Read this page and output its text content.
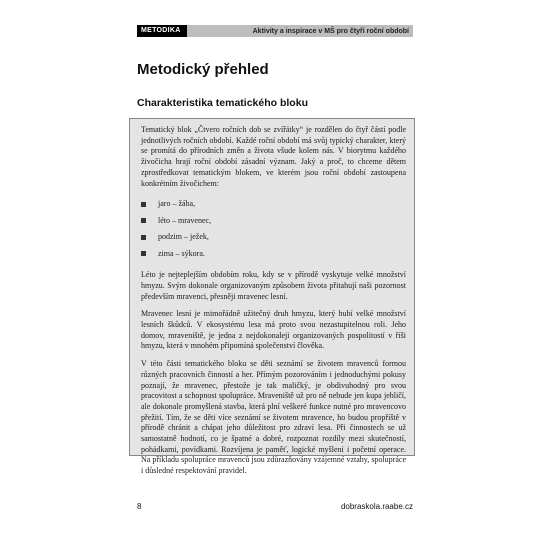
METODIKA	Aktivity a inspirace v MŠ pro čtyři roční období
Metodický přehled
Charakteristika tematického bloku

Tematický blok „Čtvero ročních dob se zvířátky“ je rozdělen do čtyř částí podle jednotlivých ročních období. Každé roční období má svůj typický charakter, který se promítá do přírodních změn a života všude kolem nás. V biorytmu každého živočicha hrají roční období zásadní význam. Jaký a proč, to chceme dětem zprostředkovat tematickým blokem, ve kterém jsou roční období zastoupena konkrétním živočichem:

jaro – žába,
léto – mravenec,
podzim – ježek,
zima – sýkora.

Léto je nejteplejším obdobím roku, kdy se v přírodě vyskytuje velké množství hmyzu. Svým dokonale organizovaným způsobem života přitahují naši pozornost především mravenci, přesněji mravenec lesní.

Mravenec lesní je mimořádně užitečný druh hmyzu, který hubí velké množství lesních škůdců. V ekosystému lesa má proto svou nezastupitelnou roli. Jeho domov, mraveniště, je jedna z nejdokonaleji organizovaných pospolitostí v říši hmyzu, která v mnohém připomíná společenství člověka.

V této části tematického bloku se děti seznámí se životem mravenců formou různých pracovních činností a her. Přímým pozorováním i jednoduchými pokusy poznají, že mravenec, přestože je tak maličký, je obdivuhodný pro svou pracovitost a schopnost spolupráce. Mraveniště už pro ně nebude jen kupa jehličí, ale dokonale promyšlená stavba, která plní veškeré funkce nutné pro mravencovo přežití. Tím, že se děti více seznámí se životem mravence, ho budou propříště v přírodě chránit a chápat jeho důležitost pro zdraví lesa. Při činnostech se už samostatně hodnotí, co je špatné a dobré, rozpoznat rozdíly mezi skutečností, pohádkami, povídkami. Rozvíjena je paměť, logické myšlení i početní operace. Na příkladu spolupráce mravenců jsou zdůrazňovány vzájemné vztahy, spolupráce i důsledné respektování pravidel.

8	dobraskola.raabe.cz
